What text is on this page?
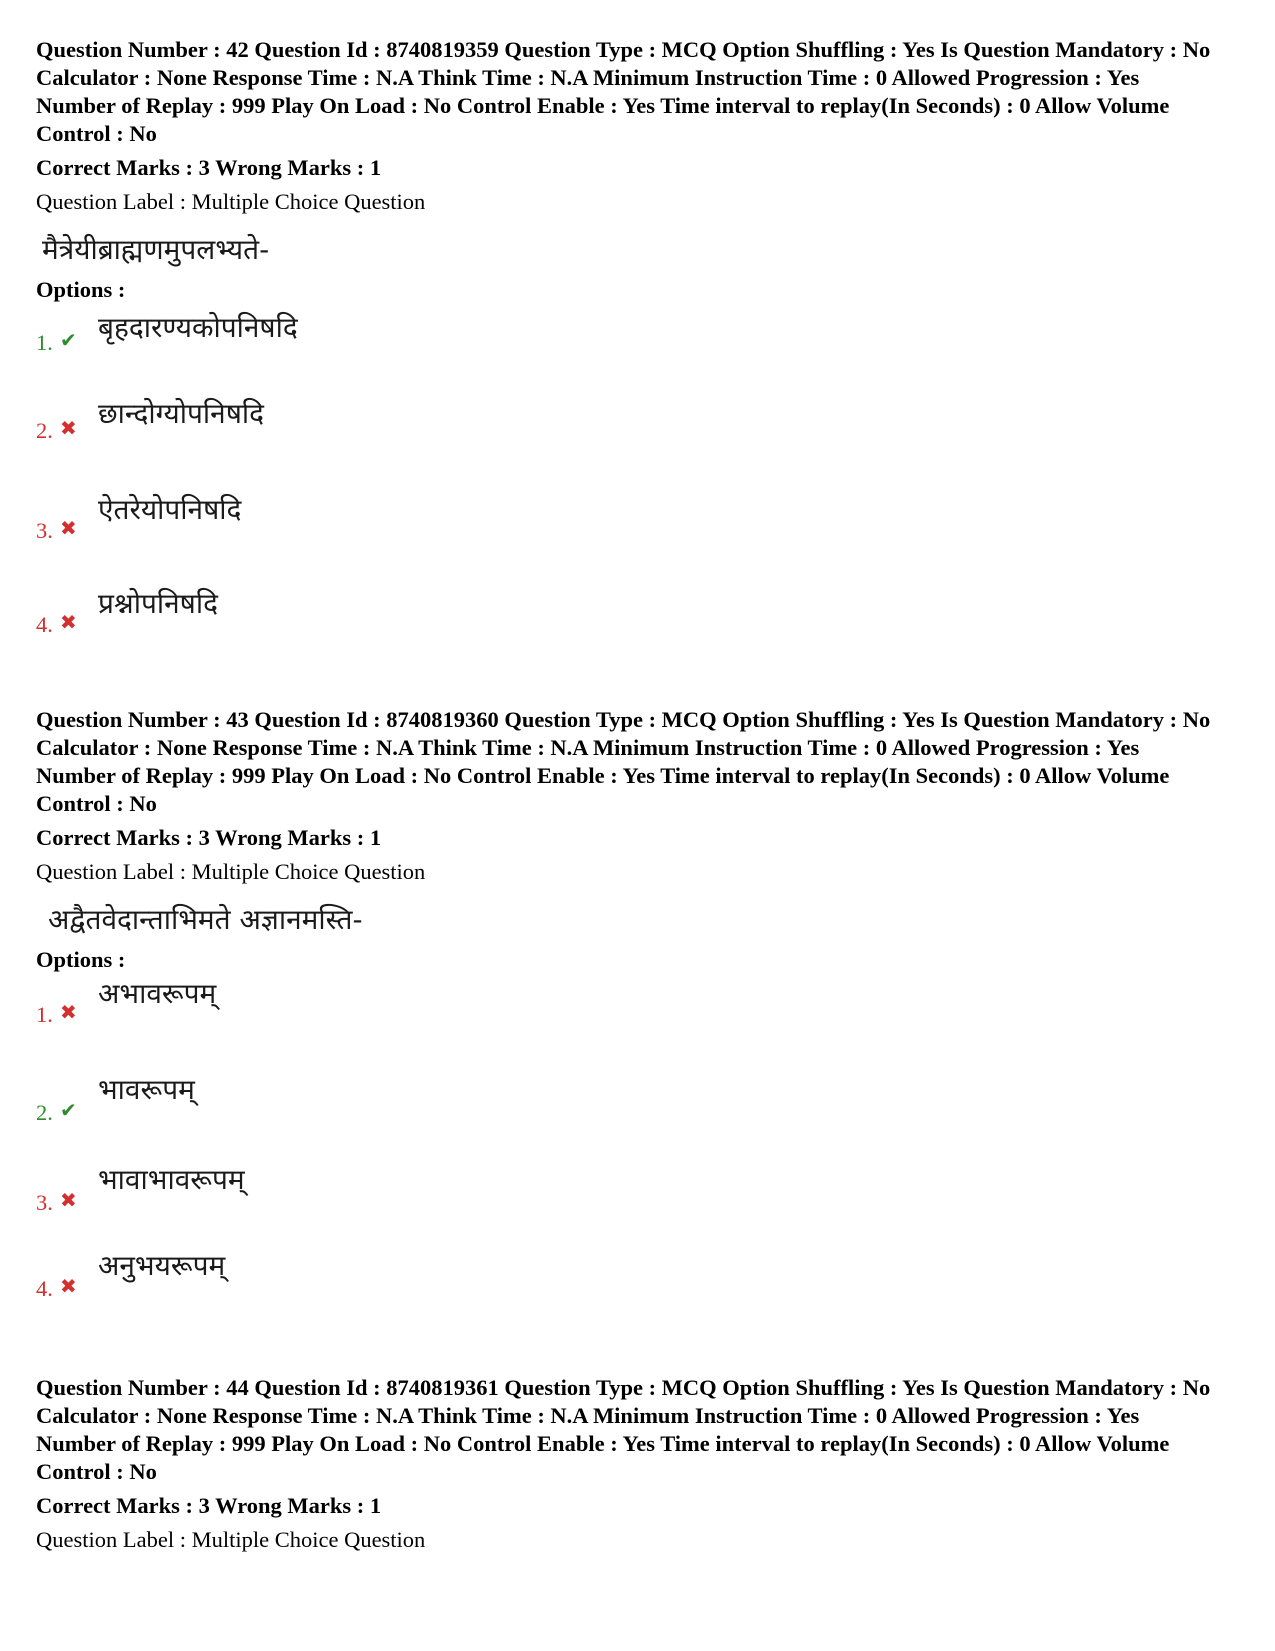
Question Number : 42 Question Id : 8740819359 Question Type : MCQ Option Shuffling : Yes Is Question Mandatory : No Calculator : None Response Time : N.A Think Time : N.A Minimum Instruction Time : 0 Allowed Progression : Yes Number of Replay : 999 Play On Load : No Control Enable : Yes Time interval to replay(In Seconds) : 0 Allow Volume Control : No

Correct Marks : 3 Wrong Marks : 1
Question Label : Multiple Choice Question
मैत्रेयीब्राह्मणमुपलभ्यते-
Options :
1. ✔ बृहदारण्यकोपनिषदि
2. ✖ छान्दोग्योपनिषदि
3. ✖
ऐतरेयोपनिषदि
4. ✖
प्रश्नोपनिषदि

Question Number : 43 Question Id : 8740819360 Question Type : MCQ Option Shuffling : Yes Is Question Mandatory : No Calculator : None Response Time : N.A Think Time : N.A Minimum Instruction Time : 0 Allowed Progression : Yes Number of Replay : 999 Play On Load : No Control Enable : Yes Time interval to replay(In Seconds) : 0 Allow Volume Control : No

Correct Marks : 3 Wrong Marks : 1
Question Label : Multiple Choice Question
अद्वैतवेदान्ताभिमते अज्ञानमस्ति-
Options :
1. ✖
अभावरूपम्
2. ✔
भावरूपम्
3. ✖
भावाभावरूपम्
4. ✖
अनुभयरूपम्

Question Number : 44 Question Id : 8740819361 Question Type : MCQ Option Shuffling : Yes Is Question Mandatory : No Calculator : None Response Time : N.A Think Time : N.A Minimum Instruction Time : 0 Allowed Progression : Yes Number of Replay : 999 Play On Load : No Control Enable : Yes Time interval to replay(In Seconds) : 0 Allow Volume Control : No

Correct Marks : 3 Wrong Marks : 1
Question Label : Multiple Choice Question
